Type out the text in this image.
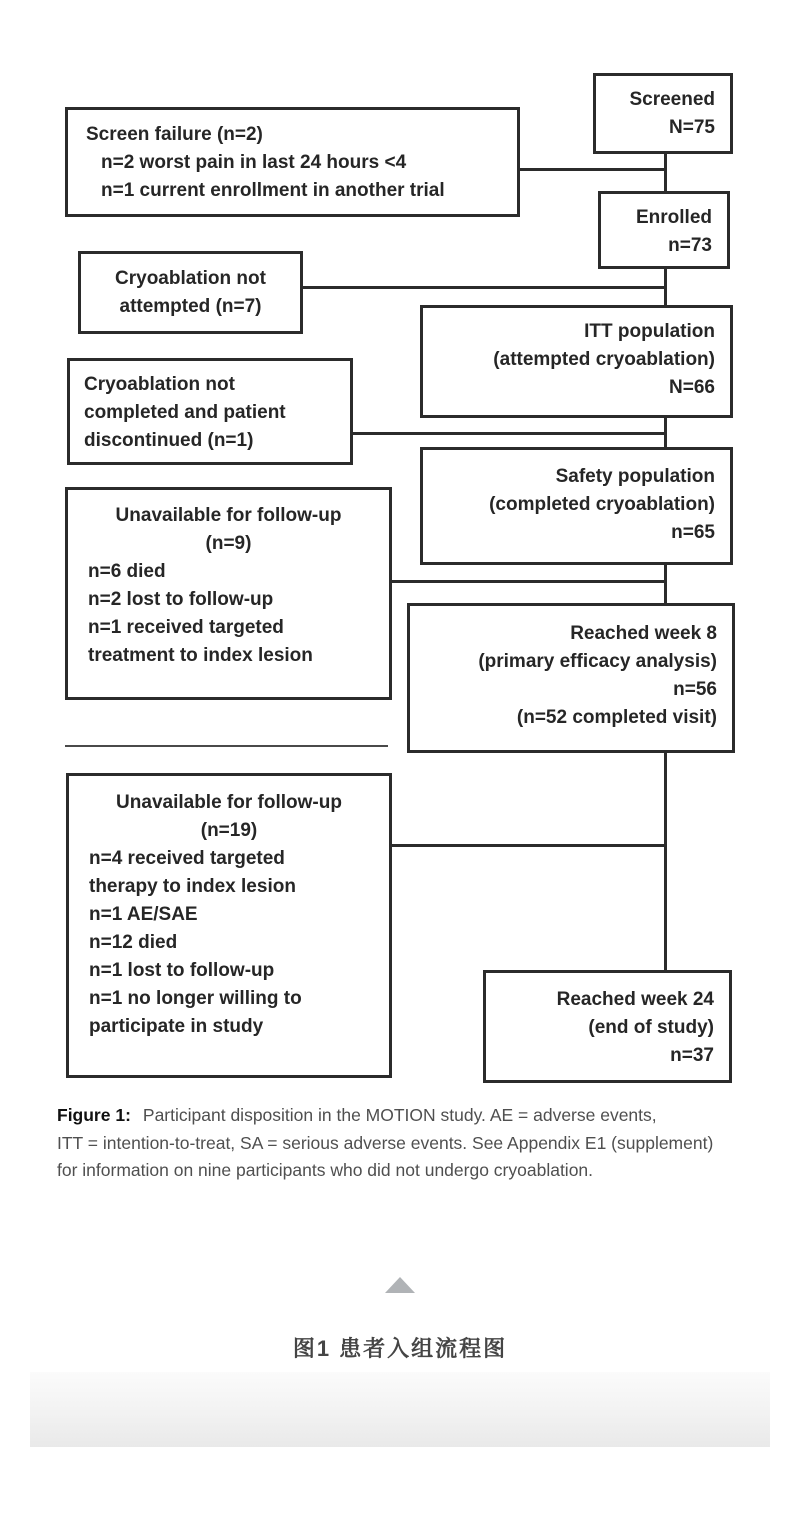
Screened
N=75
Enrolled
n=73
ITT population
(attempted cryoablation)
N=66
Safety population
(completed cryoablation)
n=65
Reached week 8
(primary efficacy analysis)
n=56
(n=52 completed visit)
Reached week 24
(end of study)
n=37
Screen failure (n=2)
n=2 worst pain in last 24 hours <4
n=1 current enrollment in another trial
Cryoablation not
attempted (n=7)
Cryoablation not
completed and patient
discontinued (n=1)
Unavailable for follow-up
(n=9)
n=6 died
n=2 lost to follow-up
n=1 received targeted
treatment to index lesion
Unavailable for follow-up
(n=19)
n=4 received targeted
therapy to index lesion
n=1 AE/SAE
n=12 died
n=1 lost to follow-up
n=1 no longer willing to
participate in study
Figure 1: Participant disposition in the MOTION study. AE = adverse events,
ITT = intention-to-treat, SA = serious adverse events. See Appendix E1 (supplement)
for information on nine participants who did not undergo cryoablation.
图1 患者入组流程图
